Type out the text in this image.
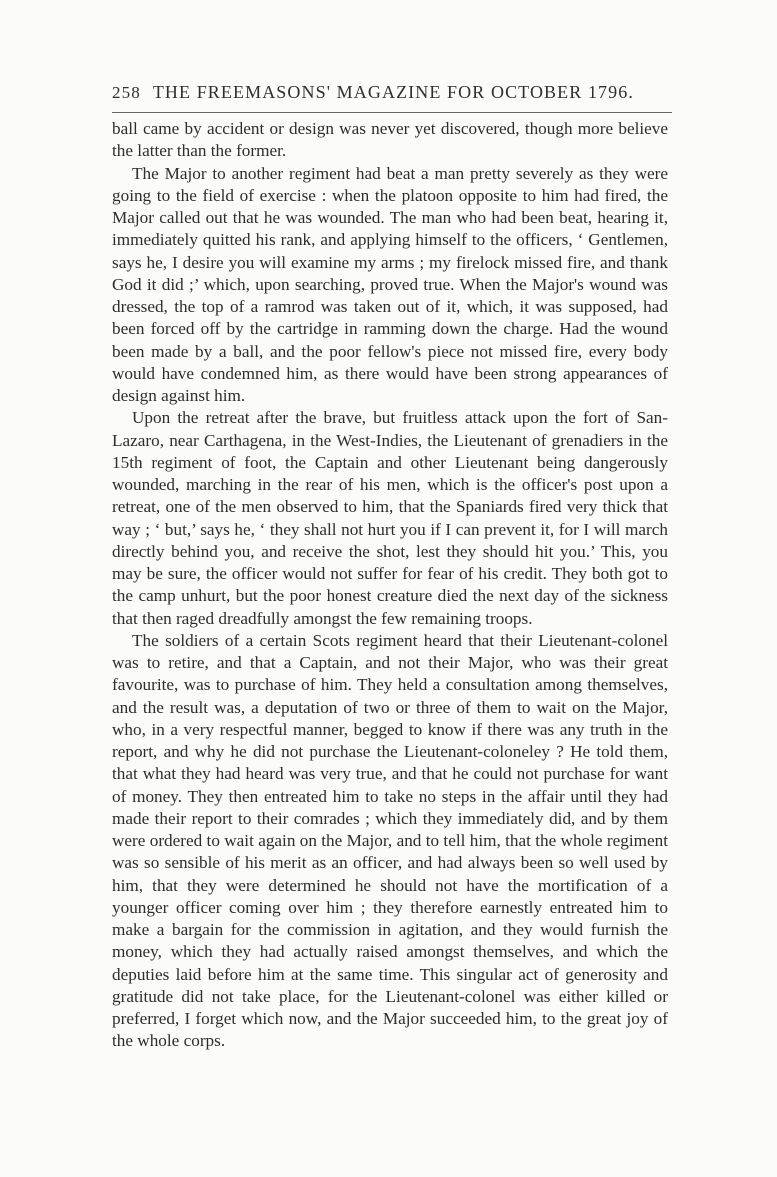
258 THE FREEMASONS' MAGAZINE FOR OCTOBER 1796.

ball came by accident or design was never yet discovered, though more believe the latter than the former.

The Major to another regiment had beat a man pretty severely as they were going to the field of exercise : when the platoon opposite to him had fired, the Major called out that he was wounded. The man who had been beat, hearing it, immediately quitted his rank, and applying himself to the officers, ‘ Gentlemen, says he, I desire you will examine my arms ; my firelock missed fire, and thank God it did ;’ which, upon searching, proved true. When the Major's wound was dressed, the top of a ramrod was taken out of it, which, it was supposed, had been forced off by the cartridge in ramming down the charge. Had the wound been made by a ball, and the poor fellow's piece not missed fire, every body would have condemned him, as there would have been strong appearances of design against him.

Upon the retreat after the brave, but fruitless attack upon the fort of San-Lazaro, near Carthagena, in the West-Indies, the Lieutenant of grenadiers in the 15th regiment of foot, the Captain and other Lieutenant being dangerously wounded, marching in the rear of his men, which is the officer's post upon a retreat, one of the men observed to him, that the Spaniards fired very thick that way ; ‘ but,’ says he, ‘ they shall not hurt you if I can prevent it, for I will march directly behind you, and receive the shot, lest they should hit you.’ This, you may be sure, the officer would not suffer for fear of his credit. They both got to the camp unhurt, but the poor honest creature died the next day of the sickness that then raged dreadfully amongst the few remaining troops.

The soldiers of a certain Scots regiment heard that their Lieutenant-colonel was to retire, and that a Captain, and not their Major, who was their great favourite, was to purchase of him. They held a consultation among themselves, and the result was, a deputation of two or three of them to wait on the Major, who, in a very respectful manner, begged to know if there was any truth in the report, and why he did not purchase the Lieutenant-coloneley ? He told them, that what they had heard was very true, and that he could not purchase for want of money. They then entreated him to take no steps in the affair until they had made their report to their comrades ; which they immediately did, and by them were ordered to wait again on the Major, and to tell him, that the whole regiment was so sensible of his merit as an officer, and had always been so well used by him, that they were determined he should not have the mortification of a younger officer coming over him ; they therefore earnestly entreated him to make a bargain for the commission in agitation, and they would furnish the money, which they had actually raised amongst themselves, and which the deputies laid before him at the same time. This singular act of generosity and gratitude did not take place, for the Lieutenant-colonel was either killed or preferred, I forget which now, and the Major succeeded him, to the great joy of the whole corps.
